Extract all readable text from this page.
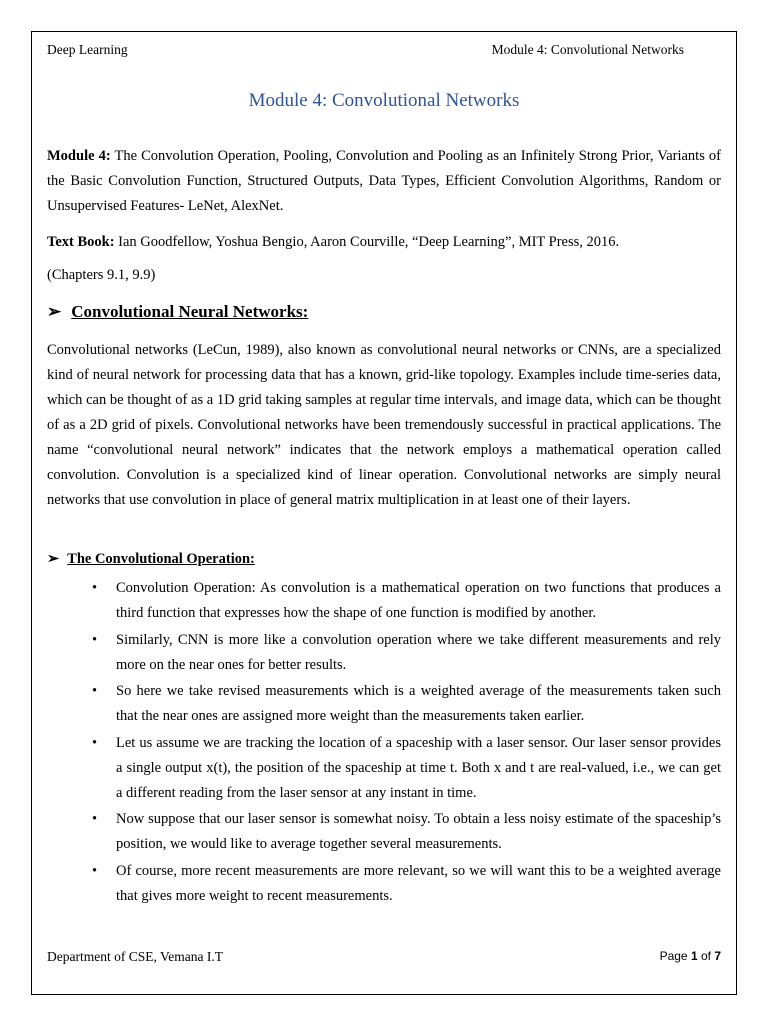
Deep Learning	Module 4: Convolutional Networks
Module 4: Convolutional Networks
Module 4: The Convolution Operation, Pooling, Convolution and Pooling as an Infinitely Strong Prior, Variants of the Basic Convolution Function, Structured Outputs, Data Types, Efficient Convolution Algorithms, Random or Unsupervised Features- LeNet, AlexNet.
Text Book: Ian Goodfellow, Yoshua Bengio, Aaron Courville, “Deep Learning”, MIT Press, 2016.
(Chapters 9.1, 9.9)
➢ Convolutional Neural Networks:
Convolutional networks (LeCun, 1989), also known as convolutional neural networks or CNNs, are a specialized kind of neural network for processing data that has a known, grid-like topology. Examples include time-series data, which can be thought of as a 1D grid taking samples at regular time intervals, and image data, which can be thought of as a 2D grid of pixels. Convolutional networks have been tremendously successful in practical applications. The name “convolutional neural network” indicates that the network employs a mathematical operation called convolution. Convolution is a specialized kind of linear operation. Convolutional networks are simply neural networks that use convolution in place of general matrix multiplication in at least one of their layers.
➢ The Convolutional Operation:
• Convolution Operation: As convolution is a mathematical operation on two functions that produces a third function that expresses how the shape of one function is modified by another.
• Similarly, CNN is more like a convolution operation where we take different measurements and rely more on the near ones for better results.
• So here we take revised measurements which is a weighted average of the measurements taken such that the near ones are assigned more weight than the measurements taken earlier.
• Let us assume we are tracking the location of a spaceship with a laser sensor. Our laser sensor provides a single output x(t), the position of the spaceship at time t. Both x and t are real-valued, i.e., we can get a different reading from the laser sensor at any instant in time.
• Now suppose that our laser sensor is somewhat noisy. To obtain a less noisy estimate of the spaceship’s position, we would like to average together several measurements.
• Of course, more recent measurements are more relevant, so we will want this to be a weighted average that gives more weight to recent measurements.
Department of CSE, Vemana I.T	Page 1 of 7
